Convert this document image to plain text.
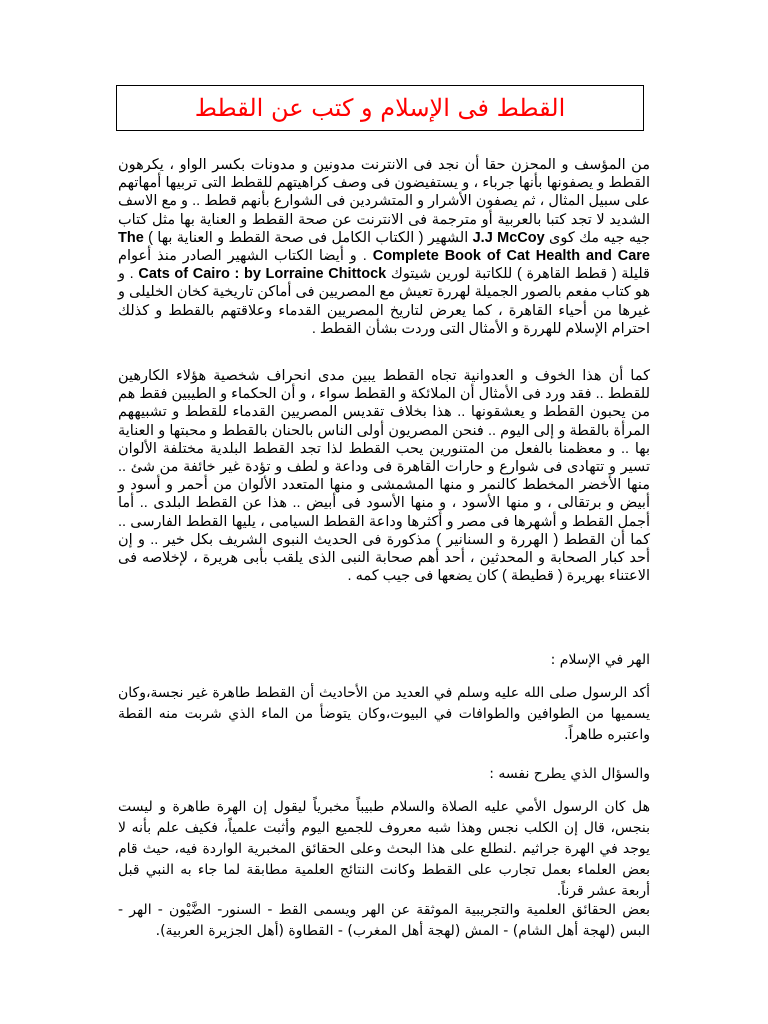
القطط فى الإسلام و كتب عن القطط

من المؤسف و المحزن حقا أن نجد فى الانترنت مدونين و مدونات بكسر الواو ، يكرهون القطط و يصفونها بأنها جرباء ، و يستفيضون فى وصف كراهيتهم للقطط التى تربيها أمهاتهم على سبيل المثال ، ثم يصفون الأشرار و المتشردين فى الشوارع بأنهم قطط .. و مع الاسف الشديد لا تجد كتبا بالعربية أو مترجمة فى الانترنت عن صحة القطط و العناية بها مثل كتاب جيه جيه مك كوى J.J McCoy الشهير ( الكتاب الكامل فى صحة القطط و العناية بها ) The Complete Book of Cat Health and Care . و أيضا الكتاب الشهير الصادر منذ أعوام قليلة ( قطط القاهرة ) للكاتبة لورين شيتوك Cats of Cairo : by Lorraine Chittock . و هو كتاب مفعم بالصور الجميلة لهررة تعيش مع المصريين فى أماكن تاريخية كخان الخليلى و غيرها من أحياء القاهرة ، كما يعرض لتاريخ المصريين القدماء وعلاقتهم بالقطط و كذلك احترام الإسلام للهررة و الأمثال التى وردت بشأن القطط .

كما أن هذا الخوف و العدوانية تجاه القطط يبين مدى انحراف شخصية هؤلاء الكارهين للقطط .. فقد ورد فى الأمثال أن الملائكة و القطط سواء ، و أن الحكماء و الطيبين فقط هم من يحبون القطط و يعشقونها .. هذا بخلاف تقديس المصريين القدماء للقطط و تشبيههم المرأة بالقطة و إلى اليوم .. فنحن المصريون أولى الناس بالحنان بالقطط و محبتها و العناية بها .. و معظمنا بالفعل من المتنورين يحب القطط لذا تجد القطط البلدية مختلفة الألوان تسير و تتهادى فى شوارع و حارات القاهرة فى وداعة و لطف و تؤدة غير خائفة من شئ .. منها الأخضر المخطط كالنمر و منها المشمشى و منها المتعدد الألوان من أحمر و أسود و أبيض و برتقالى ، و منها الأسود ، و منها الأسود فى أبيض .. هذا عن القطط البلدى .. أما أجمل القطط و أشهرها فى مصر و أكثرها وداعة القطط السيامى ، يليها القطط الفارسى .. كما أن القطط ( الهررة و السنانير ) مذكورة فى الحديث النبوى الشريف بكل خير .. و إن أحد كبار الصحابة و المحدثين ، أحد أهم صحابة النبى الذى يلقب بأبى هريرة ، لإخلاصه فى الاعتناء بهريرة ( قطيطة ) كان يضعها فى جيب كمه .

الهر في الإسلام :

أكد الرسول صلى الله عليه وسلم في العديد من الأحاديث أن القطط طاهرة غير نجسة،وكان يسميها من الطوافين والطوافات في البيوت،وكان يتوضأ من الماء الذي شربت منه القطة واعتبره طاهراً.

والسؤال الذي يطرح نفسه :

هل كان الرسول الأمي عليه الصلاة والسلام طبيباً مخبرياً ليقول إن الهرة طاهرة و ليست بنجس، قال إن الكلب نجس وهذا شبه معروف للجميع اليوم وأثبت علمياً، فكيف علم بأنه لا يوجد في الهرة جراثيم .لنطلع على هذا البحث وعلى الحقائق المخبرية الواردة فيه، حيث قام بعض العلماء بعمل تجارب على القطط وكانت النتائج العلمية مطابقة لما جاء به النبي قبل أربعة عشر قرناً.

بعض الحقائق العلمية والتجريبية الموثقة عن الهر ويسمى القط - السنور- الضَّيْون - الهر - البس (لهجة أهل الشام) - المش (لهجة أهل المغرب) - القطاوة (أهل الجزيرة العربية).
